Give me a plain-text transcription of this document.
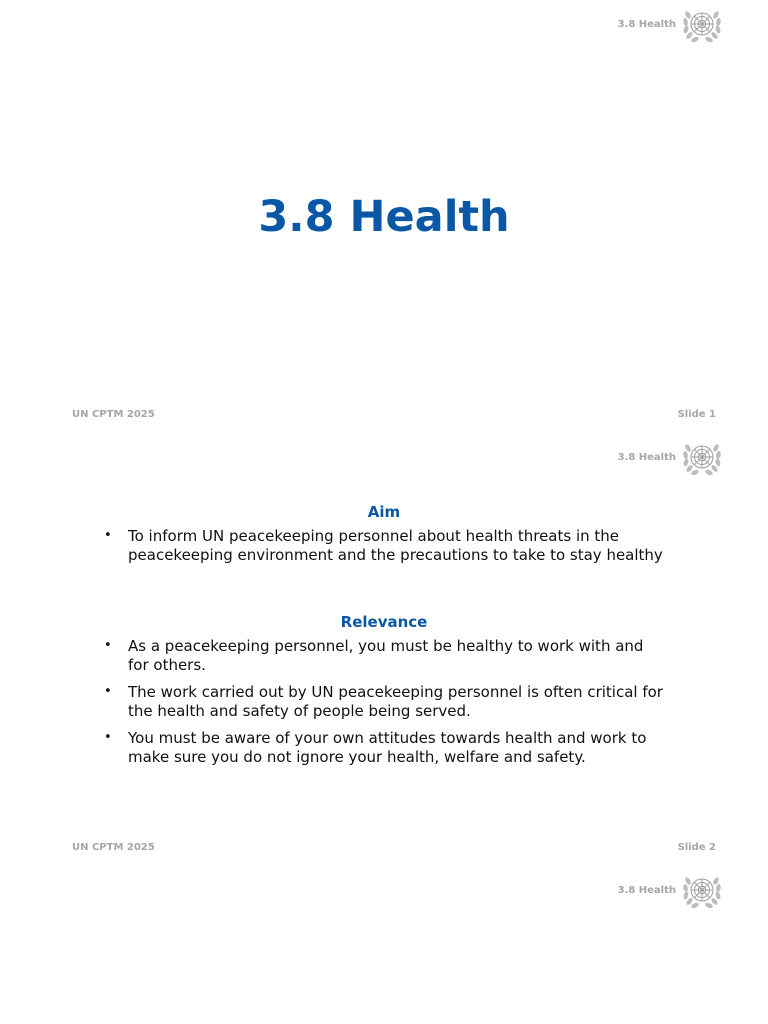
3.8 Health
3.8 Health
UN CPTM 2025	Slide 1
3.8 Health
Aim
• To inform UN peacekeeping personnel about health threats in the peacekeeping environment and the precautions to take to stay healthy
Relevance
• As a peacekeeping personnel, you must be healthy to work with and for others.
• The work carried out by UN peacekeeping personnel is often critical for the health and safety of people being served.
• You must be aware of your own attitudes towards health and work to make sure you do not ignore your health, welfare and safety.
UN CPTM 2025	Slide 2
3.8 Health
